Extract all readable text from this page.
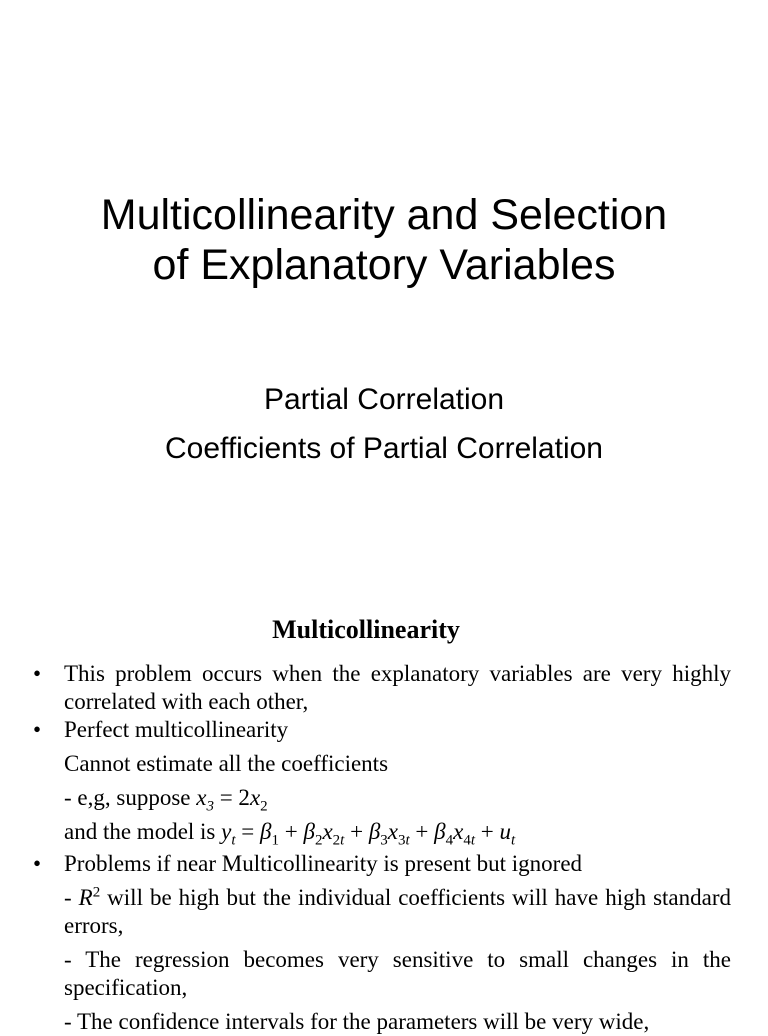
Multicollinearity and Selection
of Explanatory Variables
Partial Correlation
Coefficients of Partial Correlation
Multicollinearity

• This problem occurs when the explanatory variables are very highly correlated with each other,

• Perfect multicollinearity

Cannot estimate all the coefficients

- e,g, suppose $x_3 = 2x_2$

and the model is $y_t = \beta_1 + \beta_2x_{2t} + \beta_3x_{3t} + \beta_4x_{4t} + u_t$

• Problems if near Multicollinearity is present but ignored

- $R^2$ will be high but the individual coefficients will have high standard errors,

- The regression becomes very sensitive to small changes in the specification,

- The confidence intervals for the parameters will be very wide,
